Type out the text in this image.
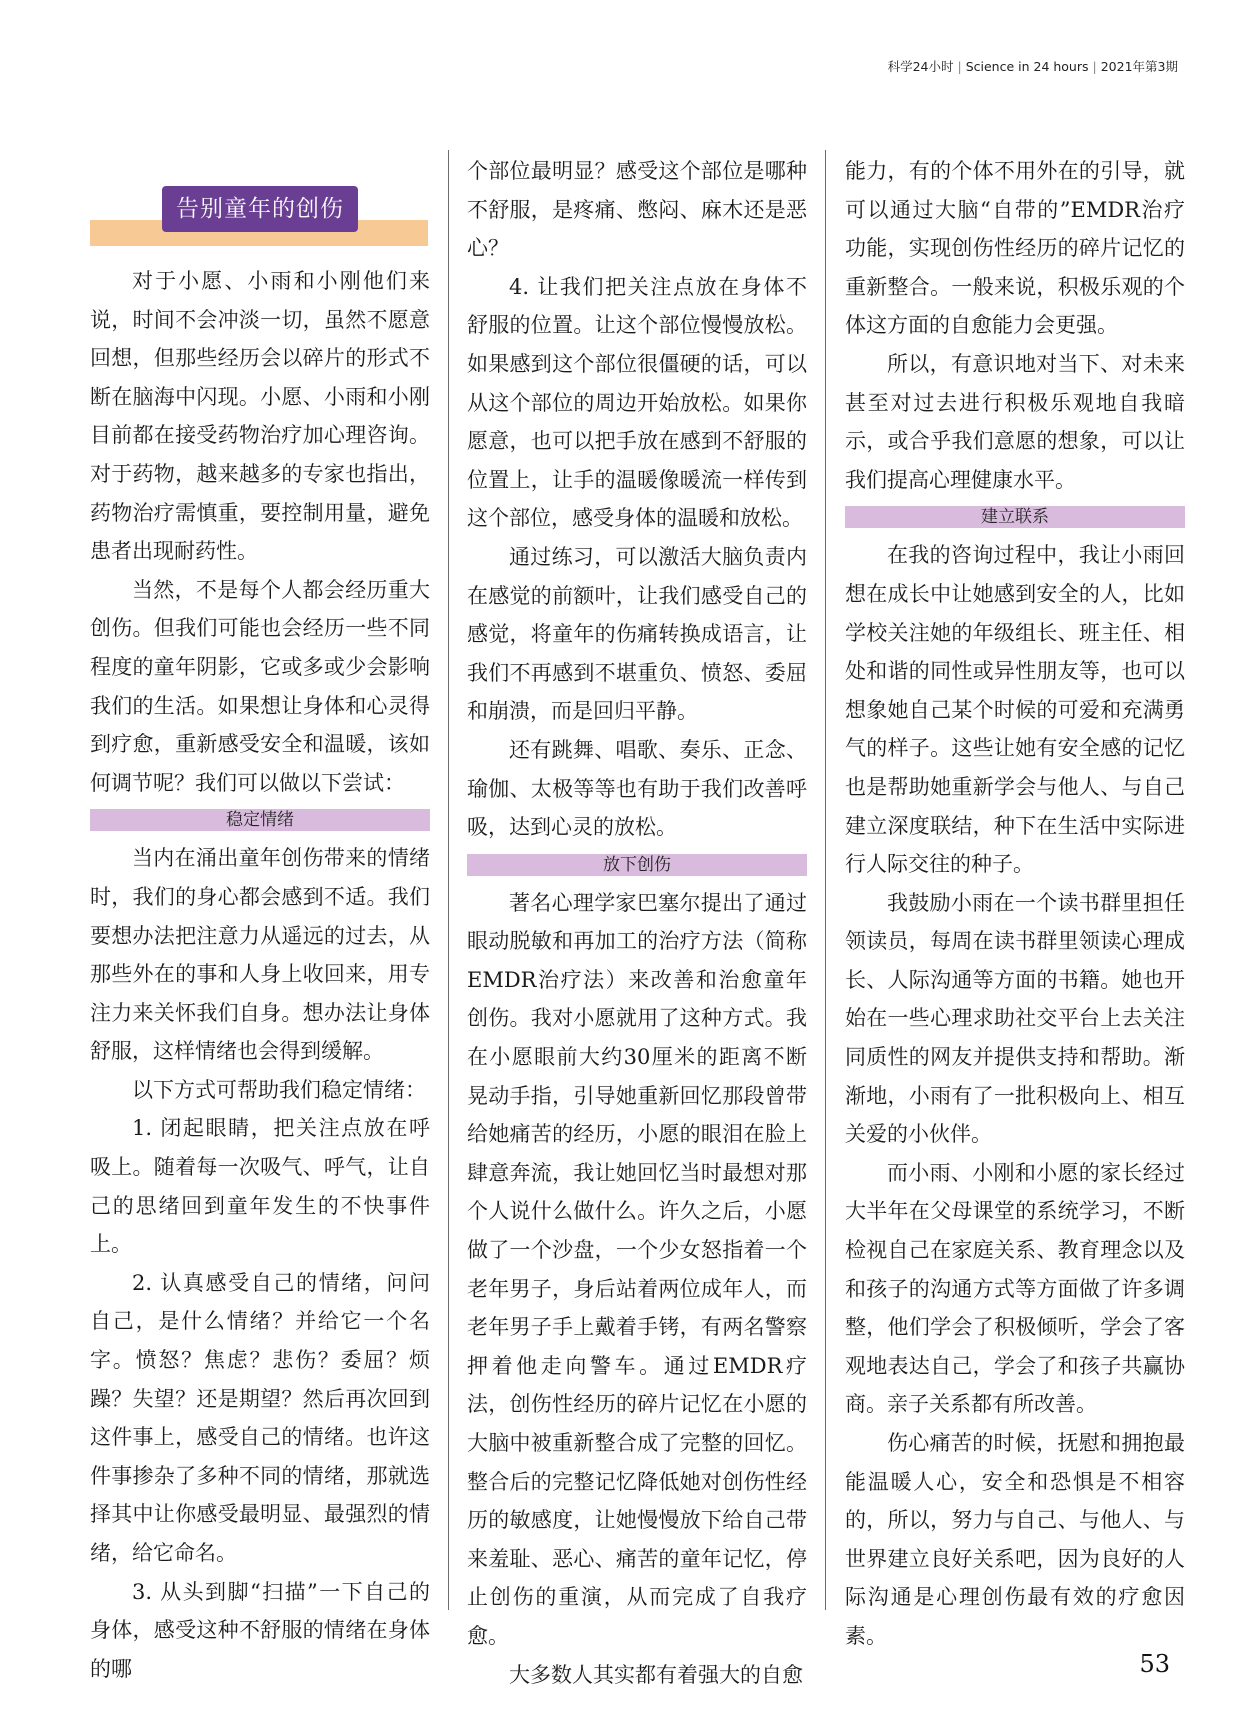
科学24小时 | Science in 24 hours | 2021年第3期
告别童年的创伤

对于小愿、小雨和小刚他们来说，时间不会冲淡一切，虽然不愿意回想，但那些经历会以碎片的形式不断在脑海中闪现。小愿、小雨和小刚目前都在接受药物治疗加心理咨询。对于药物，越来越多的专家也指出，药物治疗需慎重，要控制用量，避免患者出现耐药性。

当然，不是每个人都会经历重大创伤。但我们可能也会经历一些不同程度的童年阴影，它或多或少会影响我们的生活。如果想让身体和心灵得到疗愈，重新感受安全和温暖，该如何调节呢？我们可以做以下尝试：

稳定情绪

当内在涌出童年创伤带来的情绪时，我们的身心都会感到不适。我们要想办法把注意力从遥远的过去，从那些外在的事和人身上收回来，用专注力来关怀我们自身。想办法让身体舒服，这样情绪也会得到缓解。

以下方式可帮助我们稳定情绪：

1. 闭起眼睛，把关注点放在呼吸上。随着每一次吸气、呼气，让自己的思绪回到童年发生的不快事件上。

2. 认真感受自己的情绪，问问自己，是什么情绪？并给它一个名字。愤怒？焦虑？悲伤？委屈？烦躁？失望？还是期望？然后再次回到这件事上，感受自己的情绪。也许这件事掺杂了多种不同的情绪，那就选择其中让你感受最明显、最强烈的情绪，给它命名。

3. 从头到脚“扫描”一下自己的身体，感受这种不舒服的情绪在身体的哪

个部位最明显？感受这个部位是哪种不舒服，是疼痛、憋闷、麻木还是恶心？

4. 让我们把关注点放在身体不舒服的位置。让这个部位慢慢放松。如果感到这个部位很僵硬的话，可以从这个部位的周边开始放松。如果你愿意，也可以把手放在感到不舒服的位置上，让手的温暖像暖流一样传到这个部位，感受身体的温暖和放松。

通过练习，可以激活大脑负责内在感觉的前额叶，让我们感受自己的感觉，将童年的伤痛转换成语言，让我们不再感到不堪重负、愤怒、委屈和崩溃，而是回归平静。

还有跳舞、唱歌、奏乐、正念、瑜伽、太极等等也有助于我们改善呼吸，达到心灵的放松。

放下创伤

著名心理学家巴塞尔提出了通过眼动脱敏和再加工的治疗方法（简称EMDR治疗法）来改善和治愈童年创伤。我对小愿就用了这种方式。我在小愿眼前大约30厘米的距离不断晃动手指，引导她重新回忆那段曾带给她痛苦的经历，小愿的眼泪在脸上肆意奔流，我让她回忆当时最想对那个人说什么做什么。许久之后，小愿做了一个沙盘，一个少女怒指着一个老年男子，身后站着两位成年人，而老年男子手上戴着手铐，有两名警察押着他走向警车。通过EMDR疗法，创伤性经历的碎片记忆在小愿的大脑中被重新整合成了完整的回忆。整合后的完整记忆降低她对创伤性经历的敏感度，让她慢慢放下给自己带来羞耻、恶心、痛苦的童年记忆，停止创伤的重演，从而完成了自我疗愈。

大多数人其实都有着强大的自愈

能力，有的个体不用外在的引导，就可以通过大脑“自带的”EMDR治疗功能，实现创伤性经历的碎片记忆的重新整合。一般来说，积极乐观的个体这方面的自愈能力会更强。

所以，有意识地对当下、对未来甚至对过去进行积极乐观地自我暗示，或合乎我们意愿的想象，可以让我们提高心理健康水平。

建立联系

在我的咨询过程中，我让小雨回想在成长中让她感到安全的人，比如学校关注她的年级组长、班主任、相处和谐的同性或异性朋友等，也可以想象她自己某个时候的可爱和充满勇气的样子。这些让她有安全感的记忆也是帮助她重新学会与他人、与自己建立深度联结，种下在生活中实际进行人际交往的种子。

我鼓励小雨在一个读书群里担任领读员，每周在读书群里领读心理成长、人际沟通等方面的书籍。她也开始在一些心理求助社交平台上去关注同质性的网友并提供支持和帮助。渐渐地，小雨有了一批积极向上、相互关爱的小伙伴。

而小雨、小刚和小愿的家长经过大半年在父母课堂的系统学习，不断检视自己在家庭关系、教育理念以及和孩子的沟通方式等方面做了许多调整，他们学会了积极倾听，学会了客观地表达自己，学会了和孩子共赢协商。亲子关系都有所改善。

伤心痛苦的时候，抚慰和拥抱最能温暖人心，安全和恐惧是不相容的，所以，努力与自己、与他人、与世界建立良好关系吧，因为良好的人际沟通是心理创伤最有效的疗愈因素。

53
